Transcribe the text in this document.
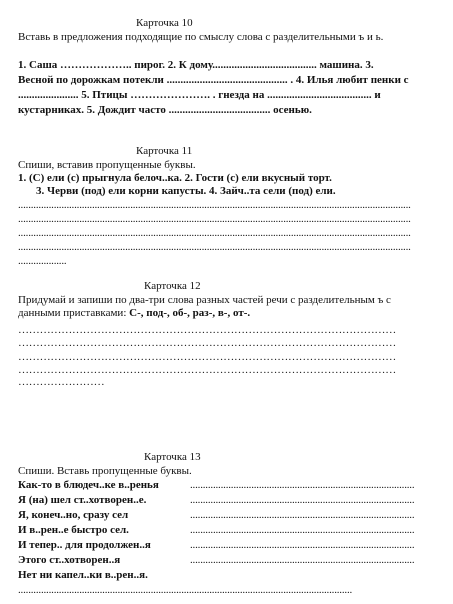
Карточка 10
Вставь в предложения подходящие по смыслу слова с разделительными ъ и ь.
1. Саша ……………….. пирог. 2. К дому...................................... машина. 3.
Весной по дорожкам потекли ............................................ . 4. Илья любит пенки с
...................... 5. Птицы …………………. . гнезда на ...................................... и
кустарниках. 5. Дождит часто ..................................... осенью.
Карточка 11
Спиши, вставив пропущенные буквы.
1. (С) ели (с) прыгнула белоч..ка. 2. Гости (с) ели вкусный торт.
3. Черви (под) ели корни капусты. 4. Зайч..та сели (под) ели.
..........................................................................................................................................................
..........................................................................................................................................................
..........................................................................................................................................................
..........................................................................................................................................................
...................
Карточка 12
Придумай и запиши по два-три слова разных частей речи с разделительным ъ с
данными приставками: С-, под-, об-, раз-, в-, от-.
……………………………………………………………………………………………
……………………………………………………………………………………………
……………………………………………………………………………………………
……………………………………………………………………………………………
……………………
Карточка 13
Спиши. Вставь пропущенные буквы.
Как-то в блюдеч..ке в..ренья	........................................................................................
Я (на) шел ст..хотворен..е.	........................................................................................
Я, конеч..но, сразу сел	........................................................................................
И в..рен..е быстро сел.	........................................................................................
И тепер.. для продолжен..я	........................................................................................
Этого ст..хотворен..я	........................................................................................
Нет ни капел..ки в..рен..я.
...................................................................................................................................
